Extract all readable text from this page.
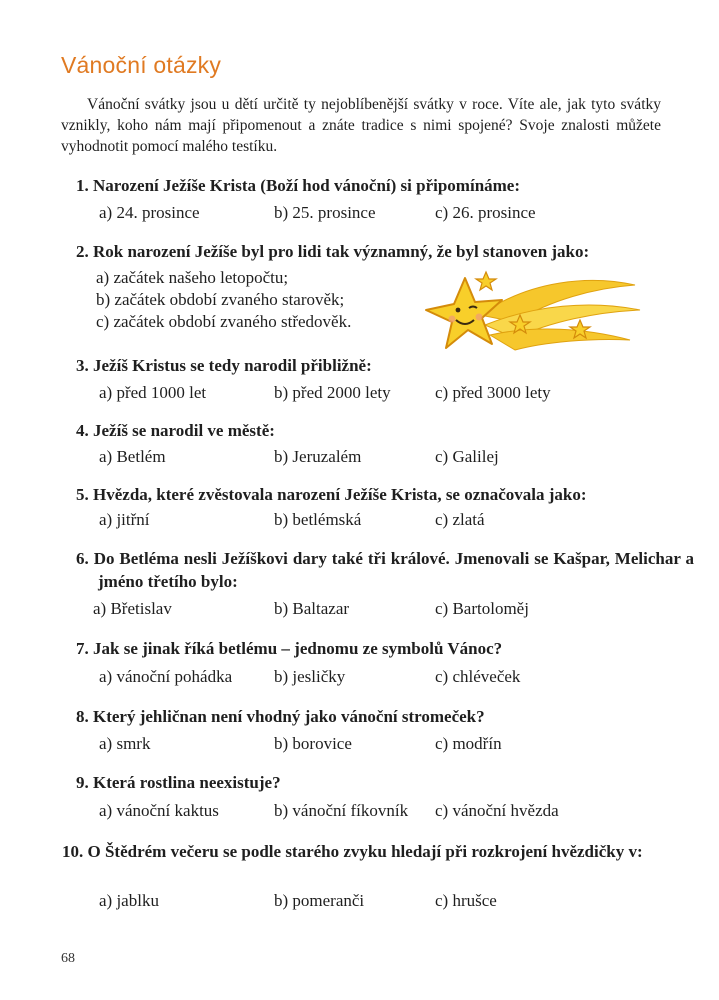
Vánoční otázky
Vánoční svátky jsou u dětí určitě ty nejoblíbenější svátky v roce. Víte ale, jak tyto svátky vznikly, koho nám mají připomenout a znáte tradice s nimi spojené? Svoje znalosti můžete vyhodnotit pomocí malého testíku.
1. Narození Ježíše Krista (Boží hod vánoční) si připomínáme:
a) 24. prosince	b) 25. prosince	c) 26. prosince
2. Rok narození Ježíše byl pro lidi tak významný, že byl stanoven jako:
a) začátek našeho letopočtu;
b) začátek období zvaného starověk;
c) začátek období zvaného středověk.
3. Ježíš Kristus se tedy narodil přibližně:
a) před 1000 let	b) před 2000 lety	c) před 3000 lety
4. Ježíš se narodil ve městě:
a) Betlém	b) Jeruzalém	c) Galilej
5. Hvězda, které zvěstovala narození Ježíše Krista, se označovala jako:
a) jitřní	b) betlémská	c) zlatá
6. Do Betléma nesli Ježíškovi dary také tři králové. Jmenovali se Kašpar, Melichar a jméno třetího bylo:
a) Břetislav	b) Baltazar	c) Bartoloměj
7. Jak se jinak říká betlému – jednomu ze symbolů Vánoc?
a) vánoční pohádka b) jesličky	c) chlévеček
8. Který jehličnan není vhodný jako vánoční stromeček?
a) smrk	b) borovice	c) modřín
9. Která rostlina neexistuje?
a) vánoční kaktus	b) vánoční fíkovník c) vánoční hvězda
10. O Štědrém večeru se podle starého zvyku hledají při rozkrojení hvězdičky v:
a) jablku	b) pomeranči	c) hrušce
68
